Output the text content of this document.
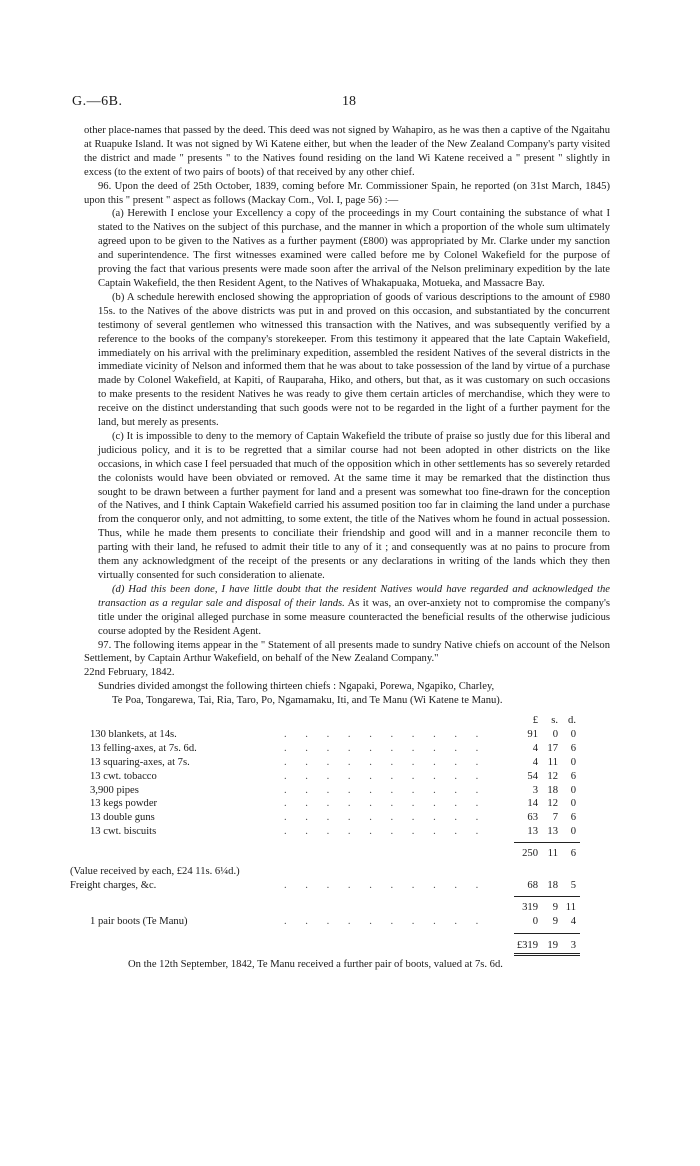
G.—6B.	18

other place-names that passed by the deed. This deed was not signed by Wahapiro, as he was then a captive of the Ngaitahu at Ruapuke Island. It was not signed by Wi Katene either, but when the leader of the New Zealand Company's party visited the district and made " presents " to the Natives found residing on the land Wi Katene received a " present " slightly in excess (to the extent of two pairs of boots) of that received by any other chief.

96. Upon the deed of 25th October, 1839, coming before Mr. Commissioner Spain, he reported (on 31st March, 1845) upon this " present " aspect as follows (Mackay Com., Vol. I, page 56) :—

(a) Herewith I enclose your Excellency a copy of the proceedings in my Court containing the substance of what I stated to the Natives on the subject of this purchase, and the manner in which a proportion of the whole sum ultimately agreed upon to be given to the Natives as a further payment (£800) was appropriated by Mr. Clarke under my sanction and superintendence. The first witnesses examined were called before me by Colonel Wakefield for the purpose of proving the fact that various presents were made soon after the arrival of the Nelson preliminary expedition by the late Captain Wakefield, the then Resident Agent, to the Natives of Whakapuaka, Motueka, and Massacre Bay.

(b) A schedule herewith enclosed showing the appropriation of goods of various descriptions to the amount of £980 15s. to the Natives of the above districts was put in and proved on this occasion, and substantiated by the concurrent testimony of several gentlemen who witnessed this transaction with the Natives, and was subsequently verified by a reference to the books of the company's storekeeper. From this testimony it appeared that the late Captain Wakefield, immediately on his arrival with the preliminary expedition, assembled the resident Natives of the several districts in the immediate vicinity of Nelson and informed them that he was about to take possession of the land by virtue of a purchase made by Colonel Wakefield, at Kapiti, of Rauparaha, Hiko, and others, but that, as it was customary on such occasions to make presents to the resident Natives he was ready to give them certain articles of merchandise, which they were to receive on the distinct understanding that such goods were not to be regarded in the light of a further payment for the land, but merely as presents.

(c) It is impossible to deny to the memory of Captain Wakefield the tribute of praise so justly due for this liberal and judicious policy, and it is to be regretted that a similar course had not been adopted in other districts on the like occasions, in which case I feel persuaded that much of the opposition which in other settlements has so severely retarded the colonists would have been obviated or removed. At the same time it may be remarked that the distinction thus sought to be drawn between a further payment for land and a present was somewhat too fine-drawn for the conception of the Natives, and I think Captain Wakefield carried his assumed position too far in claiming the land under a purchase from the conqueror only, and not admitting, to some extent, the title of the Natives whom he found in actual possession. Thus, while he made them presents to conciliate their friendship and good will and in a manner reconcile them to parting with their land, he refused to admit their title to any of it ; and consequently was at no pains to procure from them any acknowledgment of the receipt of the presents or any declarations in writing of the lands which they then virtually consented for such consideration to alienate.

(d) Had this been done, I have little doubt that the resident Natives would have regarded and acknowledged the transaction as a regular sale and disposal of their lands. As it was, an over-anxiety not to compromise the company's title under the original alleged purchase in some measure counteracted the beneficial results of the otherwise judicious course adopted by the Resident Agent.

97. The following items appear in the " Statement of all presents made to sundry Native chiefs on account of the Nelson Settlement, by Captain Arthur Wakefield, on behalf of the New Zealand Company."

22nd February, 1842.

Sundries divided amongst the following thirteen chiefs : Ngapaki, Porewa, Ngapiko, Charley,
Te Poa, Tongarewa, Tai, Ria, Taro, Po, Ngamamaku, Iti, and Te Manu (Wi Katene te Manu).

£	s. d.
130 blankets, at 14s.	. . . . . . . . . .	91	0	0
13 felling-axes, at 7s. 6d.	. . . . . . . . . .	4 17	6
13 squaring-axes, at 7s.	. . . . . . . . . .	4 11	0
13 cwt. tobacco	. . . . . . . . . .	54 12	6
3,900 pipes	. . . . . . . . . .	3 18	0
13 kegs powder	. . . . . . . . . .	14 12	0
13 double guns	. . . . . . . . . .	63	7	6
13 cwt. biscuits	. . . . . . . . . .	13 13	0
250 11	6
(Value received by each, £24 11s. 6¼d.)
Freight charges, &c.	. . . . . . . . . .	68 18	5
319	9 11
1 pair boots (Te Manu)	. . . . . . . . . .	0	9	4
£319 19	3

On the 12th September, 1842, Te Manu received a further pair of boots, valued at 7s. 6d.
